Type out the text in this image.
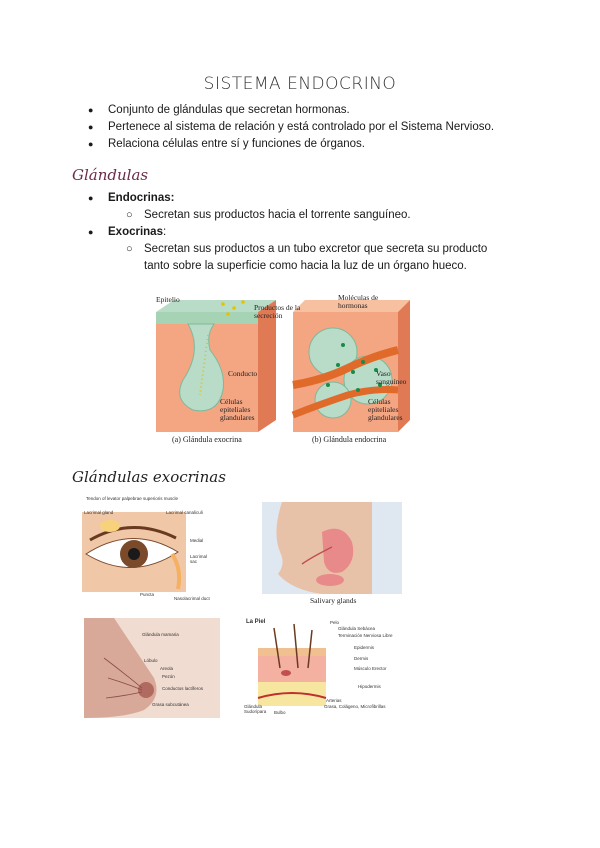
SISTEMA ENDOCRINO
● Conjunto de glándulas que secretan hormonas.
● Pertenece al sistema de relación y está controlado por el Sistema Nervioso.
● Relaciona células entre sí y funciones de órganos.
Glándulas
● Endocrinas:
○ Secretan sus productos hacia el torrente sanguíneo.
● Exocrinas:
○ Secretan sus productos a un tubo excretor que secreta su producto tanto sobre la superficie como hacia la luz de un órgano hueco.
Epitelio
Productos de la secreción
Conducto
Células epiteliales glandulares
Moléculas de hormonas
Vaso sanguíneo
Células epiteliales glandulares
(a) Glándula exocrina	(b) Glándula endocrina
Glándulas exocrinas
Tendon of levator palpebrae superioris muscle
Lacrimal gland	Lacrimal canaliculi
Medial
Lacrimal sac
Puncta
Nasolacrimal duct	Salivary glands
Glándula mamaria
Lóbulo
Areola
Pezón
Conductos lactíferos
Grasa subcutánea
La Piel	Pelo
Glándula Sebácea
Terminación Nerviosa Libre
Epidermis
Dermis
Músculo Erector
Hipodermis
Arterias
Grasa, Colágeno, Microfibrillas
Glándula Sudorípara	Bulbo
